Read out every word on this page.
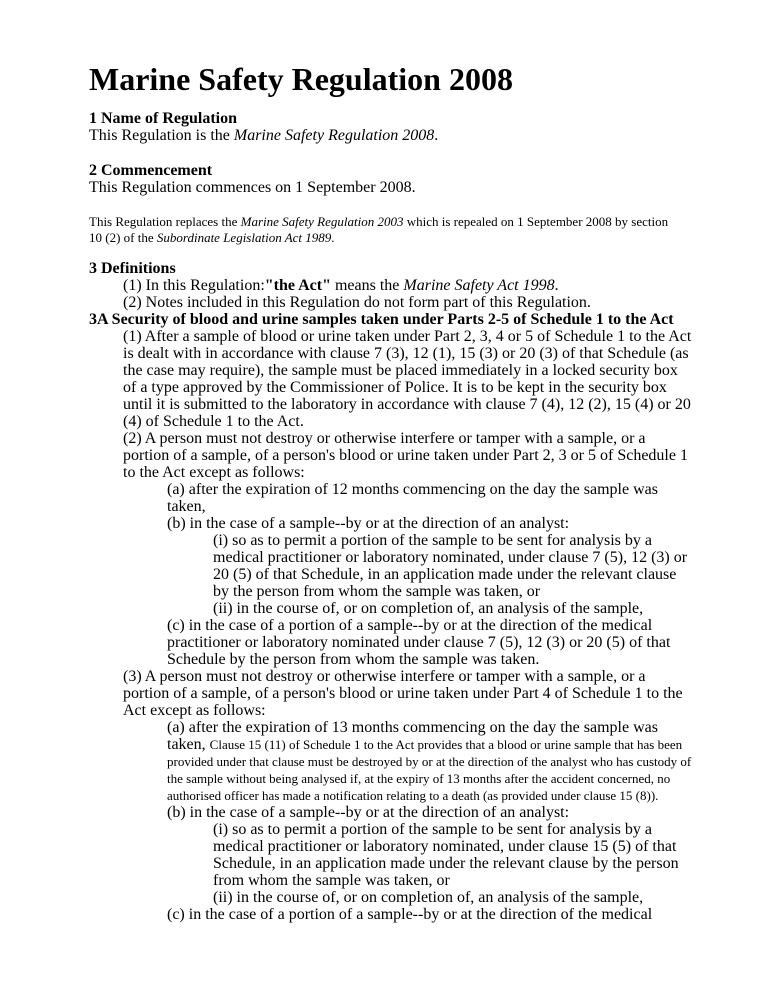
Marine Safety Regulation 2008

1 Name of Regulation

This Regulation is the Marine Safety Regulation 2008.

2 Commencement

This Regulation commences on 1 September 2008.

This Regulation replaces the Marine Safety Regulation 2003 which is repealed on 1 September 2008 by section 10 (2) of the Subordinate Legislation Act 1989.

3 Definitions

(1) In this Regulation:"the Act" means the Marine Safety Act 1998.

(2) Notes included in this Regulation do not form part of this Regulation.

3A Security of blood and urine samples taken under Parts 2-5 of Schedule 1 to the Act

(1) After a sample of blood or urine taken under Part 2, 3, 4 or 5 of Schedule 1 to the Act is dealt with in accordance with clause 7 (3), 12 (1), 15 (3) or 20 (3) of that Schedule (as the case may require), the sample must be placed immediately in a locked security box of a type approved by the Commissioner of Police. It is to be kept in the security box until it is submitted to the laboratory in accordance with clause 7 (4), 12 (2), 15 (4) or 20 (4) of Schedule 1 to the Act.

(2) A person must not destroy or otherwise interfere or tamper with a sample, or a portion of a sample, of a person's blood or urine taken under Part 2, 3 or 5 of Schedule 1 to the Act except as follows:

(a) after the expiration of 12 months commencing on the day the sample was taken,

(b) in the case of a sample--by or at the direction of an analyst:

(i) so as to permit a portion of the sample to be sent for analysis by a medical practitioner or laboratory nominated, under clause 7 (5), 12 (3) or 20 (5) of that Schedule, in an application made under the relevant clause by the person from whom the sample was taken, or

(ii) in the course of, or on completion of, an analysis of the sample,

(c) in the case of a portion of a sample--by or at the direction of the medical practitioner or laboratory nominated under clause 7 (5), 12 (3) or 20 (5) of that Schedule by the person from whom the sample was taken.

(3) A person must not destroy or otherwise interfere or tamper with a sample, or a portion of a sample, of a person's blood or urine taken under Part 4 of Schedule 1 to the Act except as follows:

(a) after the expiration of 13 months commencing on the day the sample was taken, Clause 15 (11) of Schedule 1 to the Act provides that a blood or urine sample that has been provided under that clause must be destroyed by or at the direction of the analyst who has custody of the sample without being analysed if, at the expiry of 13 months after the accident concerned, no authorised officer has made a notification relating to a death (as provided under clause 15 (8)).

(b) in the case of a sample--by or at the direction of an analyst:

(i) so as to permit a portion of the sample to be sent for analysis by a medical practitioner or laboratory nominated, under clause 15 (5) of that Schedule, in an application made under the relevant clause by the person from whom the sample was taken, or

(ii) in the course of, or on completion of, an analysis of the sample,

(c) in the case of a portion of a sample--by or at the direction of the medical
